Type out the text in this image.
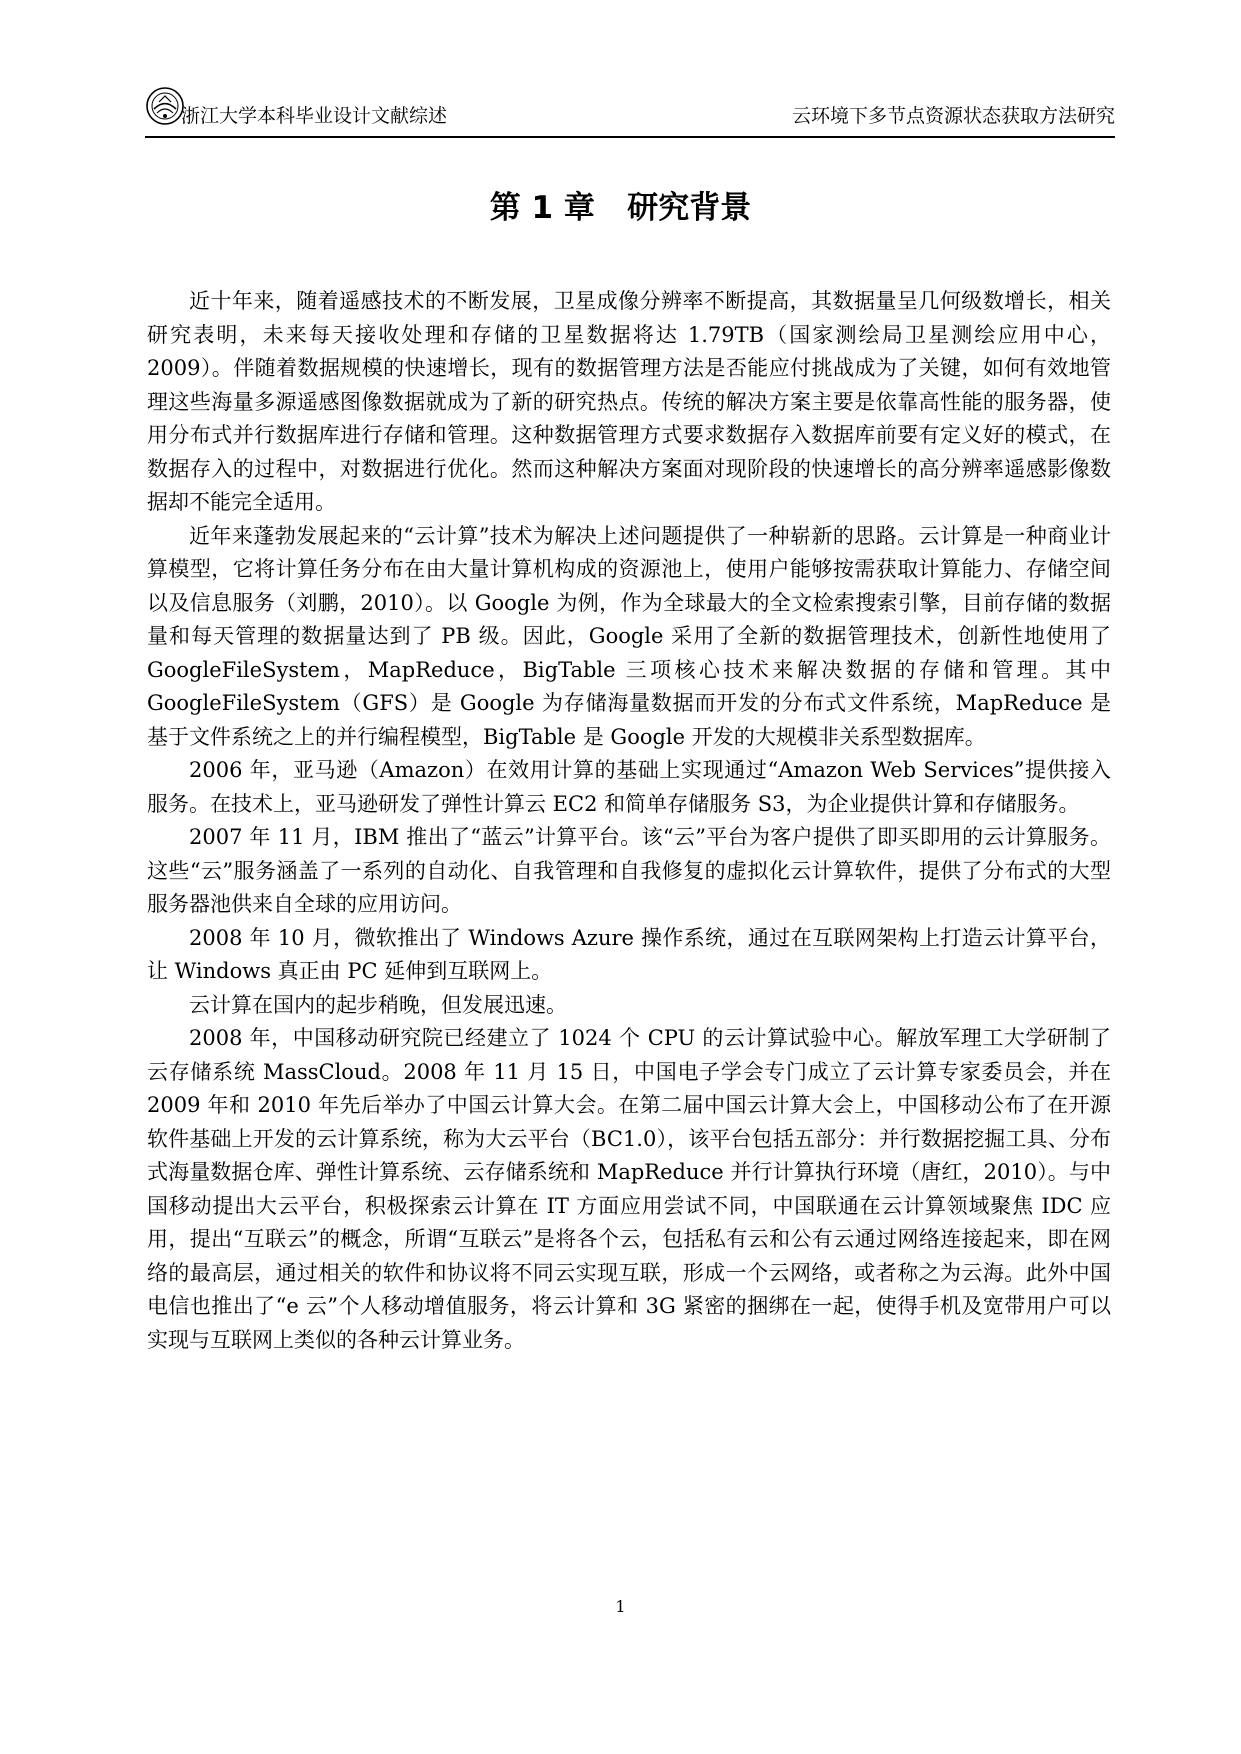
浙江大学本科毕业设计文献综述	云环境下多节点资源状态获取方法研究
第 1 章   研究背景

近十年来，随着遥感技术的不断发展，卫星成像分辨率不断提高，其数据量呈几何级数增长，相关研究表明，未来每天接收处理和存储的卫星数据将达 1.79TB（国家测绘局卫星测绘应用中心，2009）。伴随着数据规模的快速增长，现有的数据管理方法是否能应付挑战成为了关键，如何有效地管理这些海量多源遥感图像数据就成为了新的研究热点。传统的解决方案主要是依靠高性能的服务器，使用分布式并行数据库进行存储和管理。这种数据管理方式要求数据存入数据库前要有定义好的模式，在数据存入的过程中，对数据进行优化。然而这种解决方案面对现阶段的快速增长的高分辨率遥感影像数据却不能完全适用。

近年来蓬勃发展起来的“云计算”技术为解决上述问题提供了一种崭新的思路。云计算是一种商业计算模型，它将计算任务分布在由大量计算机构成的资源池上，使用户能够按需获取计算能力、存储空间以及信息服务（刘鹏，2010）。以 Google 为例，作为全球最大的全文检索搜索引擎，目前存储的数据量和每天管理的数据量达到了 PB 级。因此，Google 采用了全新的数据管理技术，创新性地使用了 GoogleFileSystem，MapReduce，BigTable 三项核心技术来解决数据的存储和管理。其中 GoogleFileSystem（GFS）是 Google 为存储海量数据而开发的分布式文件系统，MapReduce 是基于文件系统之上的并行编程模型，BigTable 是 Google 开发的大规模非关系型数据库。

2006 年，亚马逊（Amazon）在效用计算的基础上实现通过“Amazon Web Services”提供接入服务。在技术上，亚马逊研发了弹性计算云 EC2 和简单存储服务 S3，为企业提供计算和存储服务。

2007 年 11 月，IBM 推出了“蓝云”计算平台。该“云”平台为客户提供了即买即用的云计算服务。这些“云”服务涵盖了一系列的自动化、自我管理和自我修复的虚拟化云计算软件，提供了分布式的大型服务器池供来自全球的应用访问。

2008 年 10 月，微软推出了 Windows Azure 操作系统，通过在互联网架构上打造云计算平台，让 Windows 真正由 PC 延伸到互联网上。

云计算在国内的起步稍晚，但发展迅速。

2008 年，中国移动研究院已经建立了 1024 个 CPU 的云计算试验中心。解放军理工大学研制了云存储系统 MassCloud。2008 年 11 月 15 日，中国电子学会专门成立了云计算专家委员会，并在 2009 年和 2010 年先后举办了中国云计算大会。在第二届中国云计算大会上，中国移动公布了在开源软件基础上开发的云计算系统，称为大云平台（BC1.0），该平台包括五部分：并行数据挖掘工具、分布式海量数据仓库、弹性计算系统、云存储系统和 MapReduce 并行计算执行环境（唐红，2010）。与中国移动提出大云平台，积极探索云计算在 IT 方面应用尝试不同，中国联通在云计算领域聚焦 IDC 应用，提出“互联云”的概念，所谓“互联云”是将各个云，包括私有云和公有云通过网络连接起来，即在网络的最高层，通过相关的软件和协议将不同云实现互联，形成一个云网络，或者称之为云海。此外中国电信也推出了“e 云”个人移动增值服务，将云计算和 3G 紧密的捆绑在一起，使得手机及宽带用户可以实现与互联网上类似的各种云计算业务。

1
